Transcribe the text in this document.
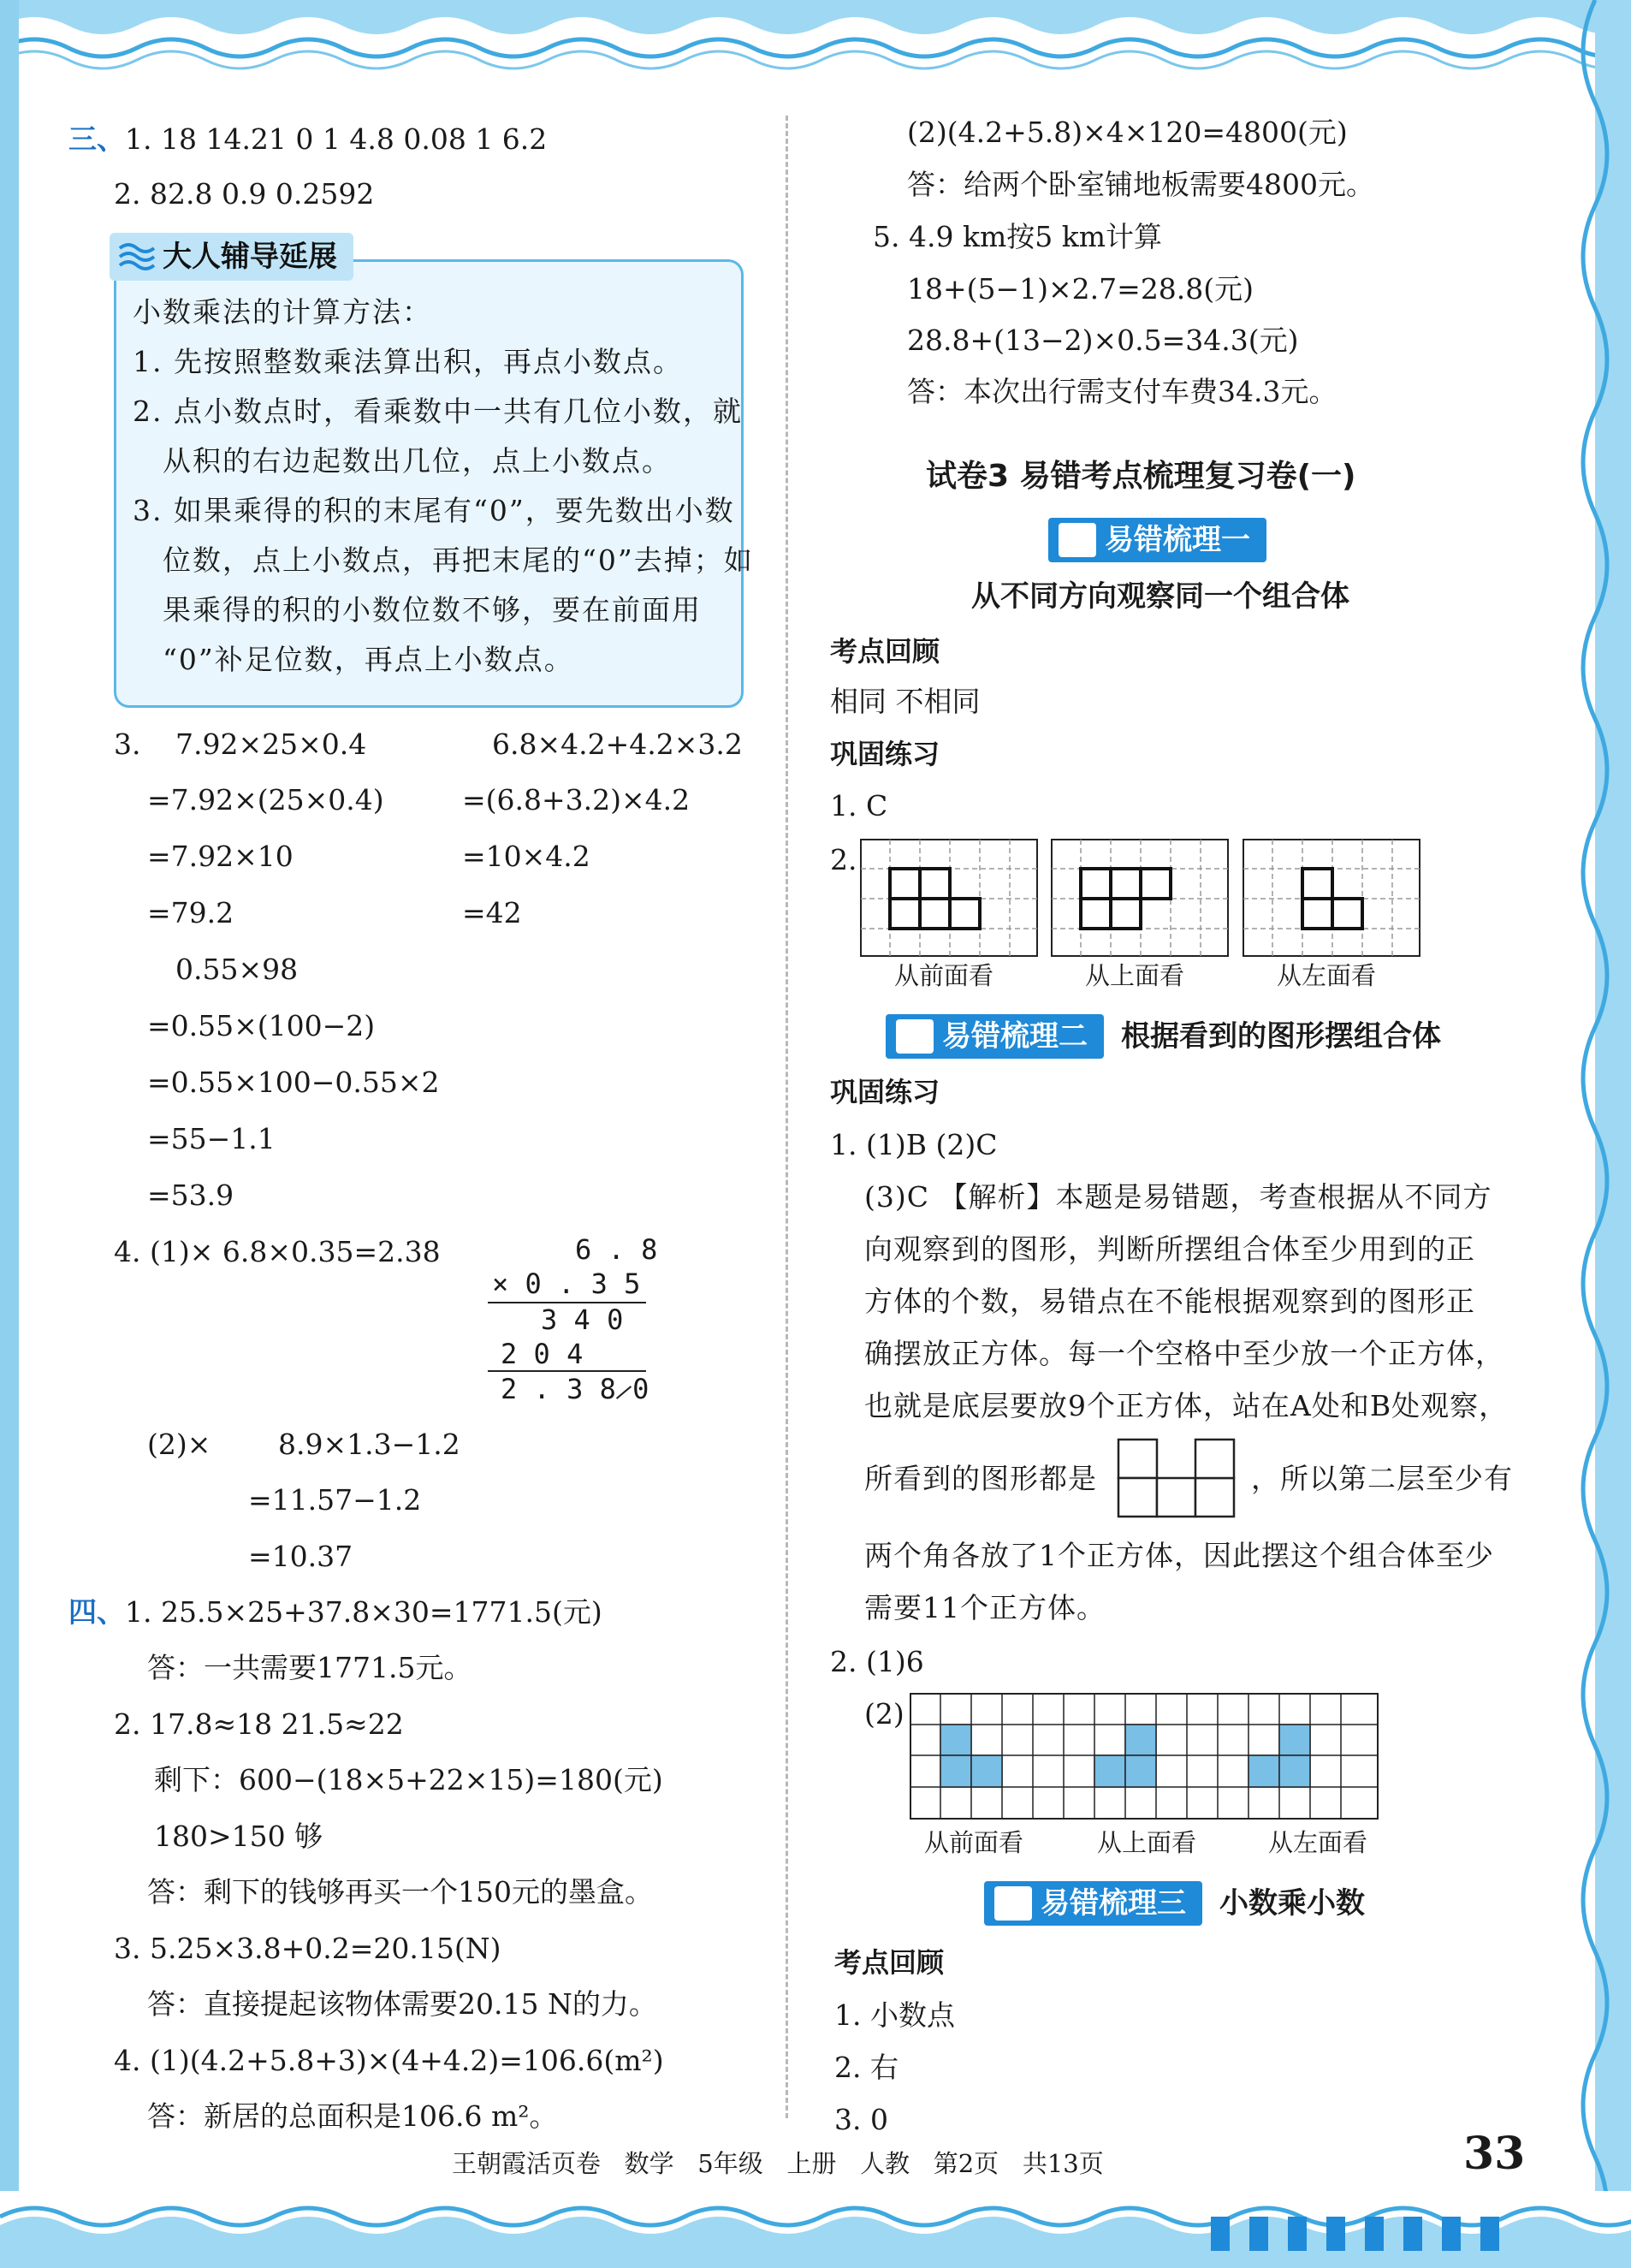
三、1. 18 14.21 0 1 4.8 0.08 1 6.2
2. 82.8 0.9 0.2592
大人辅导延展
小数乘法的计算方法：
1. 先按照整数乘法算出积，再点小数点。
2. 点小数点时，看乘数中一共有几位小数，就
从积的右边起数出几位，点上小数点。
3. 如果乘得的积的末尾有“0”，要先数出小数
位数，点上小数点，再把末尾的“0”去掉；如
果乘得的积的小数位数不够，要在前面用
“0”补足位数，再点上小数点。
3. 7.92×25×0.4
=7.92×(25×0.4)
=7.92×10
=79.2
6.8×4.2+4.2×3.2
=(6.8+3.2)×4.2
=10×4.2
=42
0.55×98
=0.55×(100−2)
=0.55×100−0.55×2
=55−1.1
=53.9
4. (1)× 6.8×0.35=2.38	6 . 8
× 0 . 3 5
3 4 0
2 0 4
2 . 3 8 0
(2)× 8.9×1.3−1.2
=11.57−1.2
=10.37
四、1. 25.5×25+37.8×30=1771.5(元)
答：一共需要1771.5元。
2. 17.8≈18 21.5≈22
剩下：600−(18×5+22×15)=180(元)
180>150 够
答：剩下的钱够再买一个150元的墨盒。
3. 5.25×3.8+0.2=20.15(N)
答：直接提起该物体需要20.15 N的力。
4. (1)(4.2+5.8+3)×(4+4.2)=106.6(m²)
答：新居的总面积是106.6 m²。
(2)(4.2+5.8)×4×120=4800(元)
答：给两个卧室铺地板需要4800元。
5. 4.9 km按5 km计算
18+(5−1)×2.7=28.8(元)
28.8+(13−2)×0.5=34.3(元)
答：本次出行需支付车费34.3元。
试卷3 易错考点梳理复习卷(一)
易错梳理一
从不同方向观察同一个组合体
考点回顾
相同 不相同
巩固练习
1. C
2.
从前面看	从上面看	从左面看
易错梳理二	根据看到的图形摆组合体
巩固练习
1. (1)B (2)C
(3)C 【解析】本题是易错题，考查根据从不同方
向观察到的图形，判断所摆组合体至少用到的正
方体的个数，易错点在不能根据观察到的图形正
确摆放正方体。每一个空格中至少放一个正方体，
也就是底层要放9个正方体，站在A处和B处观察，
所看到的图形都是	，所以第二层至少有
两个角各放了1个正方体，因此摆这个组合体至少
需要11个正方体。
2. (1)6
(2)
从前面看	从上面看	从左面看
易错梳理三	小数乘小数
考点回顾
1. 小数点
2. 右
3. 0
王朝霞活页卷   数学   5年级   上册   人教   第2页   共13页	33
